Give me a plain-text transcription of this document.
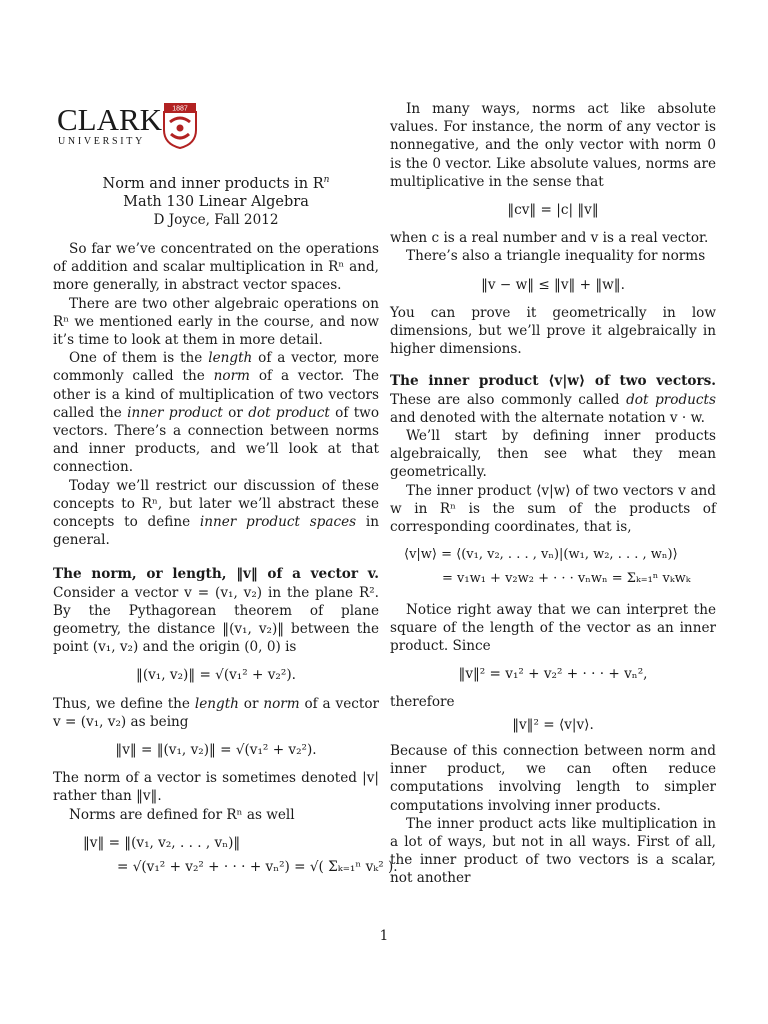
CLARK
UNIVERSITY
1887
Norm and inner products in $R^n$
Math 130 Linear Algebra
D Joyce, Fall 2012

So far we’ve concentrated on the operations of addition and scalar multiplication in Rⁿ and, more generally, in abstract vector spaces.

There are two other algebraic operations on Rⁿ we mentioned early in the course, and now it’s time to look at them in more detail.

One of them is the length of a vector, more commonly called the norm of a vector. The other is a kind of multiplication of two vectors called the inner product or dot product of two vectors. There’s a connection between norms and inner products, and we’ll look at that connection.

Today we’ll restrict our discussion of these concepts to Rⁿ, but later we’ll abstract these concepts to define inner product spaces in general.

The norm, or length, ‖v‖ of a vector v. Consider a vector v = (v₁, v₂) in the plane R². By the Pythagorean theorem of plane geometry, the distance ‖(v₁, v₂)‖ between the point (v₁, v₂) and the origin (0, 0) is

‖(v₁, v₂)‖ = √(v₁² + v₂²).

Thus, we define the length or norm of a vector v = (v₁, v₂) as being

‖v‖ = ‖(v₁, v₂)‖ = √(v₁² + v₂²).

The norm of a vector is sometimes denoted |v| rather than ‖v‖.

Norms are defined for Rⁿ as well

‖v‖ = ‖(v₁, v₂, . . . , vₙ)‖
= √(v₁² + v₂² + · · · + vₙ²) = √( Σₖ₌₁ⁿ vₖ² ).

In many ways, norms act like absolute values. For instance, the norm of any vector is nonnegative, and the only vector with norm 0 is the 0 vector. Like absolute values, norms are multiplicative in the sense that

‖cv‖ = |c| ‖v‖

when c is a real number and v is a real vector.

There’s also a triangle inequality for norms

‖v − w‖ ≤ ‖v‖ + ‖w‖.

You can prove it geometrically in low dimensions, but we’ll prove it algebraically in higher dimensions.

The inner product ⟨v|w⟩ of two vectors. These are also commonly called dot products and denoted with the alternate notation v · w.

We’ll start by defining inner products algebraically, then see what they mean geometrically.

The inner product ⟨v|w⟩ of two vectors v and w in Rⁿ is the sum of the products of corresponding coordinates, that is,

⟨v|w⟩ = ⟨(v₁, v₂, . . . , vₙ)|(w₁, w₂, . . . , wₙ)⟩
= v₁w₁ + v₂w₂ + · · · vₙwₙ = Σₖ₌₁ⁿ vₖwₖ

Notice right away that we can interpret the square of the length of the vector as an inner product. Since

‖v‖² = v₁² + v₂² + · · · + vₙ²,

therefore

‖v‖² = ⟨v|v⟩.

Because of this connection between norm and inner product, we can often reduce computations involving length to simpler computations involving inner products.

The inner product acts like multiplication in a lot of ways, but not in all ways. First of all, the inner product of two vectors is a scalar, not another

1
